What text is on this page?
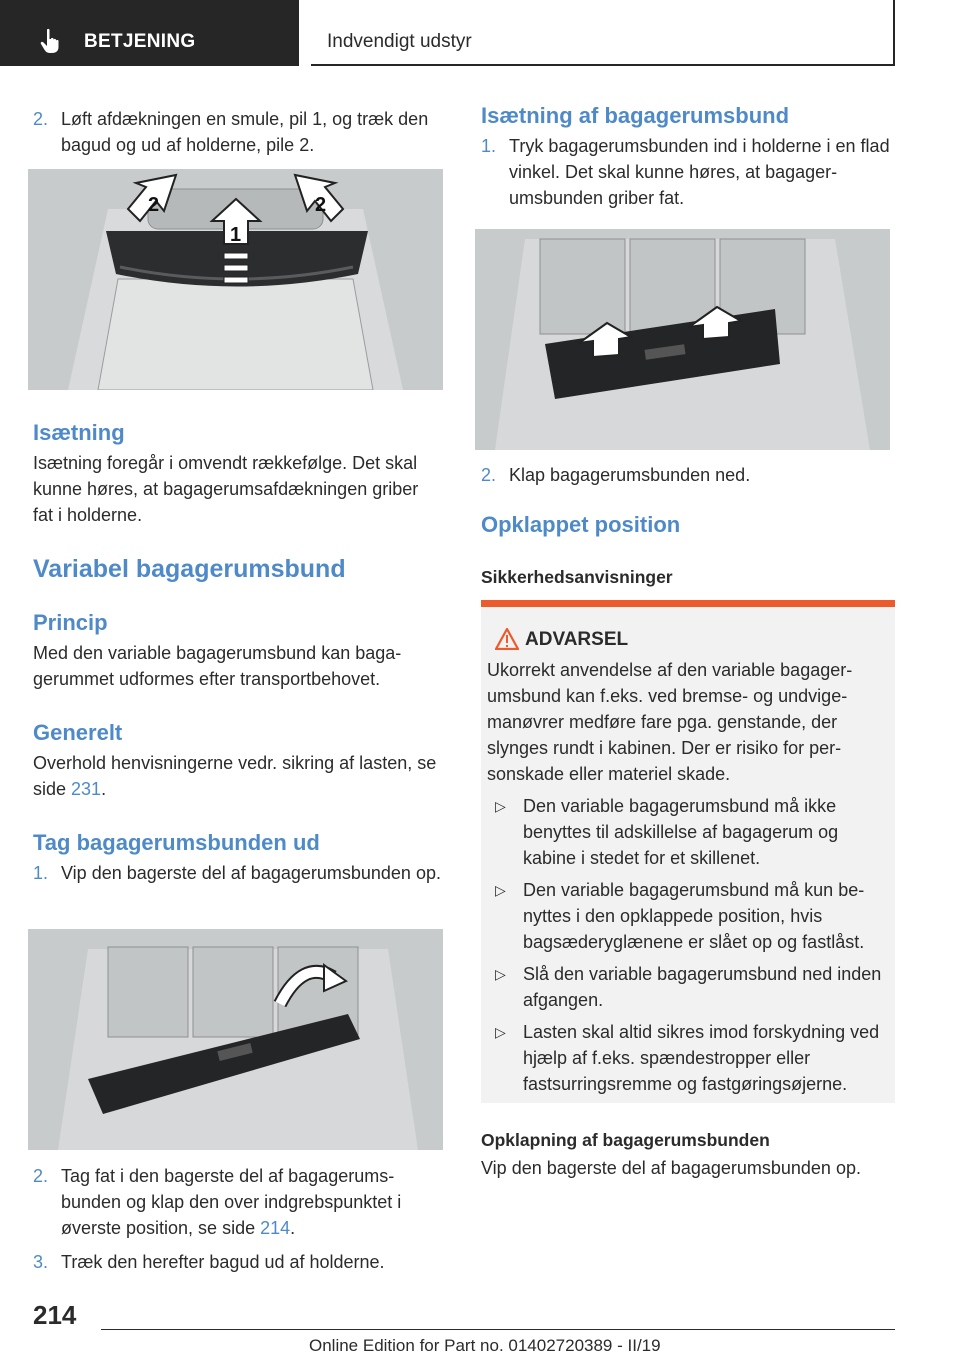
BETJENING	Indvendigt udstyr
2. Løft afdækningen en smule, pil 1, og træk den bagud og ud af holderne, pile 2.
2
1
2
Isætning

Isætning foregår i omvendt rækkefølge. Det skal kunne høres, at bagagerumsafdækningen griber fat i holderne.

Variabel bagagerumsbund
Princip

Med den variable bagagerumsbund kan bagagerummet udformes efter transportbehovet.

Generelt

Overhold henvisningerne vedr. sikring af lasten, se side 231.

Tag bagagerumsbunden ud
1. Vip den bagerste del af bagagerumsbunden op.
2. Tag fat i den bagerste del af bagagerumsbunden og klap den over indgrebspunktet i øverste position, se side 214.
3. Træk den herefter bagud ud af holderne.
Isætning af bagagerumsbund
1. Tryk bagagerumsbunden ind i holderne i en flad vinkel. Det skal kunne høres, at bagagerumsbunden griber fat.
2. Klap bagagerumsbunden ned.
Opklappet position
Sikkerhedsanvisninger
ADVARSEL

Ukorrekt anvendelse af den variable bagagerumsbund kan f.eks. ved bremse- og undvigemanøvrer medføre fare pga. genstande, der slynges rundt i kabinen. Der er risiko for personskade eller materiel skade.

▷ Den variable bagagerumsbund må ikke benyttes til adskillelse af bagagerum og kabine i stedet for et skillenet.
▷ Den variable bagagerumsbund må kun benyttes i den opklappede position, hvis bagsæderyglænene er slået op og fastlåst.
▷ Slå den variable bagagerumsbund ned inden afgangen.
▷ Lasten skal altid sikres imod forskydning ved hjælp af f.eks. spændestropper eller fastsurringsremme og fastgøringsøjerne.
Opklapning af bagagerumsbunden

Vip den bagerste del af bagagerumsbunden op.

214
Online Edition for Part no. 01402720389 - II/19
